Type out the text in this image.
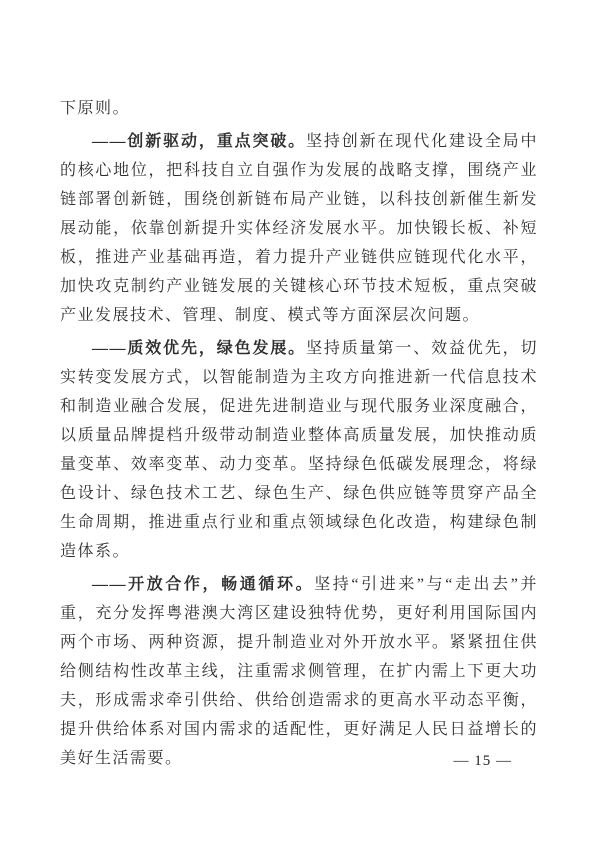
下原则。

——创新驱动，重点突破。坚持创新在现代化建设全局中的核心地位，把科技自立自强作为发展的战略支撑，围绕产业链部署创新链，围绕创新链布局产业链，以科技创新催生新发展动能，依靠创新提升实体经济发展水平。加快锻长板、补短板，推进产业基础再造，着力提升产业链供应链现代化水平，加快攻克制约产业链发展的关键核心环节技术短板，重点突破产业发展技术、管理、制度、模式等方面深层次问题。

——质效优先，绿色发展。坚持质量第一、效益优先，切实转变发展方式，以智能制造为主攻方向推进新一代信息技术和制造业融合发展，促进先进制造业与现代服务业深度融合，以质量品牌提档升级带动制造业整体高质量发展，加快推动质量变革、效率变革、动力变革。坚持绿色低碳发展理念，将绿色设计、绿色技术工艺、绿色生产、绿色供应链等贯穿产品全生命周期，推进重点行业和重点领域绿色化改造，构建绿色制造体系。

——开放合作，畅通循环。坚持“引进来”与“走出去”并重，充分发挥粤港澳大湾区建设独特优势，更好利用国际国内两个市场、两种资源，提升制造业对外开放水平。紧紧扭住供给侧结构性改革主线，注重需求侧管理，在扩内需上下更大功夫，形成需求牵引供给、供给创造需求的更高水平动态平衡，提升供给体系对国内需求的适配性，更好满足人民日益增长的美好生活需要。	— 15 —
